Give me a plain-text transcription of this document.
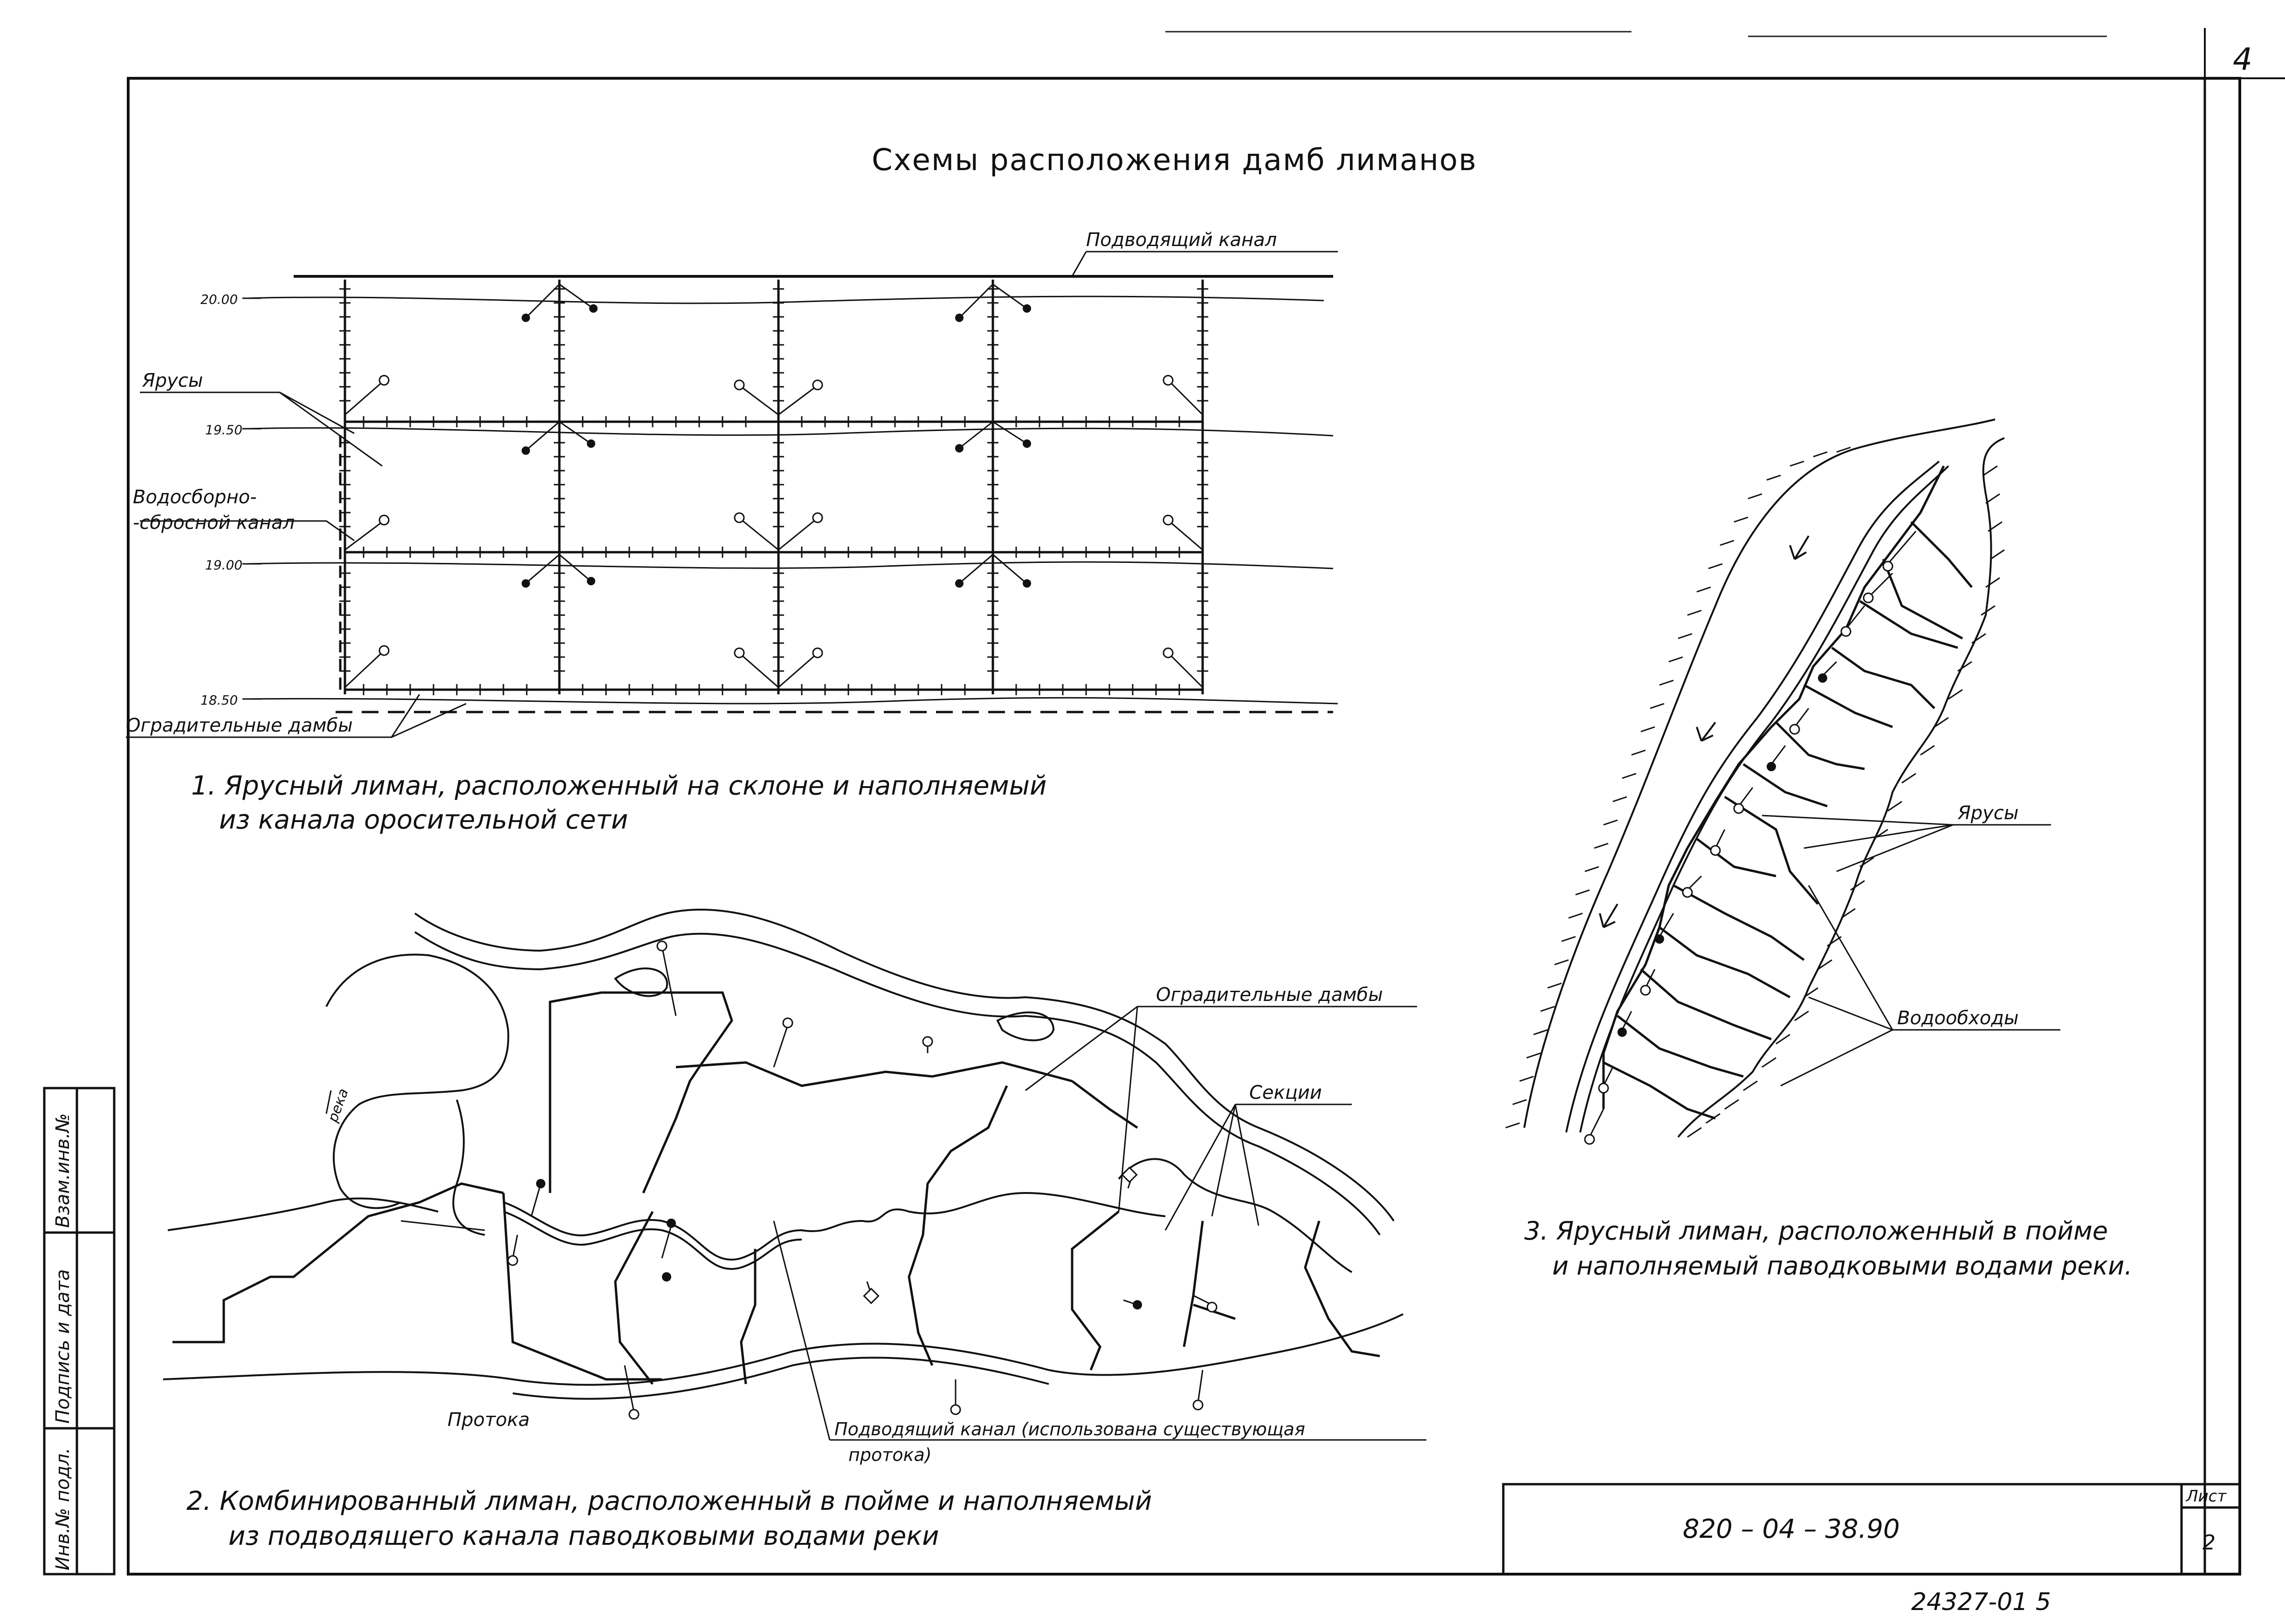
4
Схемы расположения дамб лиманов
Подводящий канал
Ярусы
Водосборно-
-сбросной канал
Оградительные дамбы
20.00
19.50
19.00
18.50
1. Ярусный лиман, расположенный на склоне и наполняемый
из канала оросительной сети
Оградительные дамбы
Секции
река
Протока	Подводящий канал (использована существующая
протока)
2. Комбинированный лиман, расположенный в пойме и наполняемый
из подводящего канала паводковыми водами реки
Ярусы
Водообходы
3. Ярусный лиман, расположенный в пойме
и наполняемый паводковыми водами реки.
Лист
820 – 04 – 38.90	2
Инв.№ подл.
Подпись и дата
Взам.инв.№
24327-01 5
